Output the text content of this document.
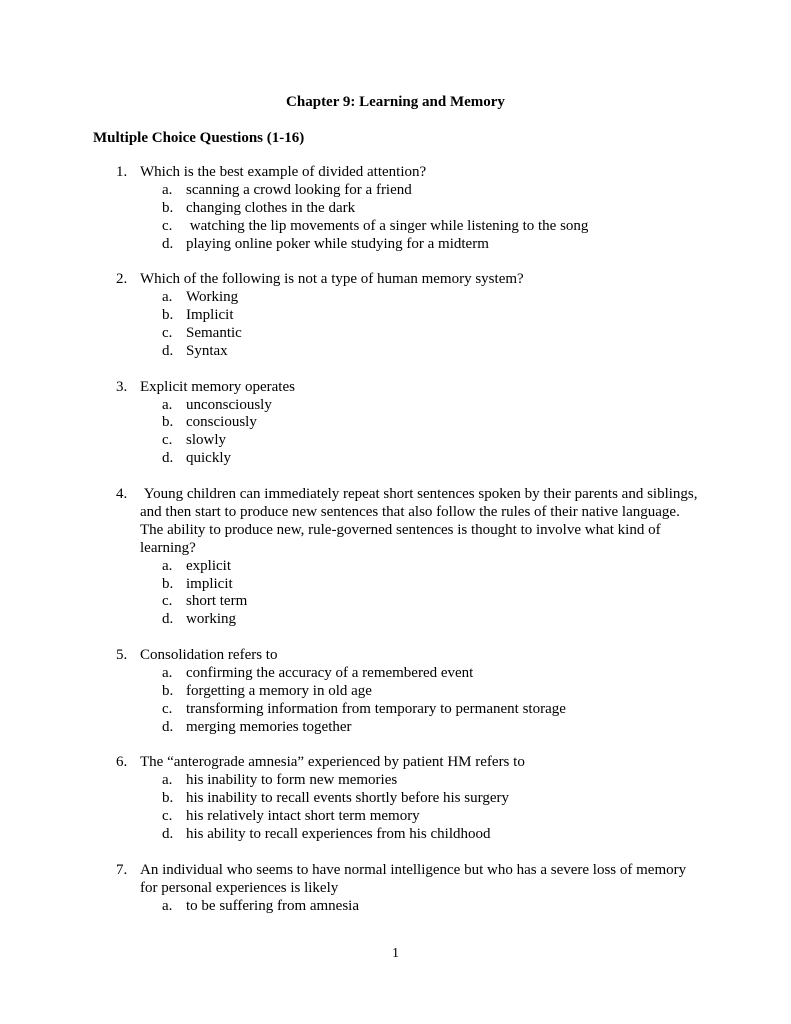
Chapter 9: Learning and Memory
Multiple Choice Questions (1-16)
1. Which is the best example of divided attention?
a. scanning a crowd looking for a friend
b. changing clothes in the dark
c. watching the lip movements of a singer while listening to the song
d. playing online poker while studying for a midterm
2. Which of the following is not a type of human memory system?
a. Working
b. Implicit
c. Semantic
d. Syntax
3. Explicit memory operates
a. unconsciously
b. consciously
c. slowly
d. quickly
4. Young children can immediately repeat short sentences spoken by their parents and siblings, and then start to produce new sentences that also follow the rules of their native language. The ability to produce new, rule-governed sentences is thought to involve what kind of learning?
a. explicit
b. implicit
c. short term
d. working
5. Consolidation refers to
a. confirming the accuracy of a remembered event
b. forgetting a memory in old age
c. transforming information from temporary to permanent storage
d. merging memories together
6. The “anterograde amnesia” experienced by patient HM refers to
a. his inability to form new memories
b. his inability to recall events shortly before his surgery
c. his relatively intact short term memory
d. his ability to recall experiences from his childhood
7. An individual who seems to have normal intelligence but who has a severe loss of memory for personal experiences is likely
a. to be suffering from amnesia
1
